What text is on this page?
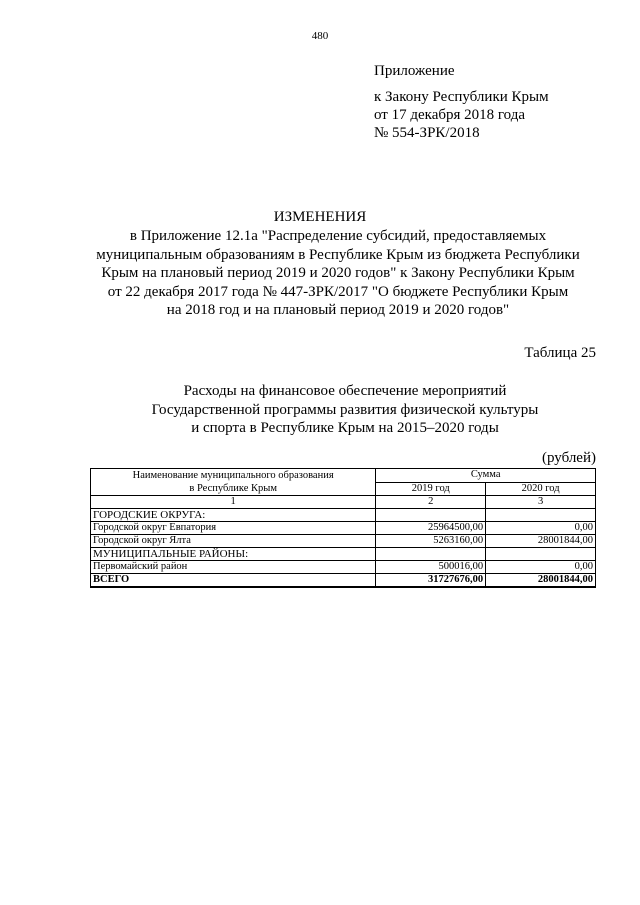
480
Приложение
к Закону Республики Крым
от 17 декабря 2018 года
№ 554-ЗРК/2018
ИЗМЕНЕНИЯ
в Приложение 12.1а "Распределение субсидий, предоставляемых
муниципальным образованиям в Республике Крым из бюджета Республики
Крым на плановый период 2019 и 2020 годов" к Закону Республики Крым
от 22 декабря 2017 года № 447-ЗРК/2017 "О бюджете Республики Крым
на 2018 год и на плановый период 2019 и 2020 годов"
Таблица 25
Расходы на финансовое обеспечение мероприятий
Государственной программы развития физической культуры
и спорта в Республике Крым на 2015–2020 годы
(рублей)
Наименование муниципального образования
в Республике Крым	Сумма	
	2019 год	2020 год
1	2	3
ГОРОДСКИЕ ОКРУГА:		
Городской округ Евпатория	25964500,00	0,00
Городской округ Ялта	5263160,00	28001844,00
МУНИЦИПАЛЬНЫЕ РАЙОНЫ:		
Первомайский район	500016,00	0,00
ВСЕГО	31727676,00	28001844,00
